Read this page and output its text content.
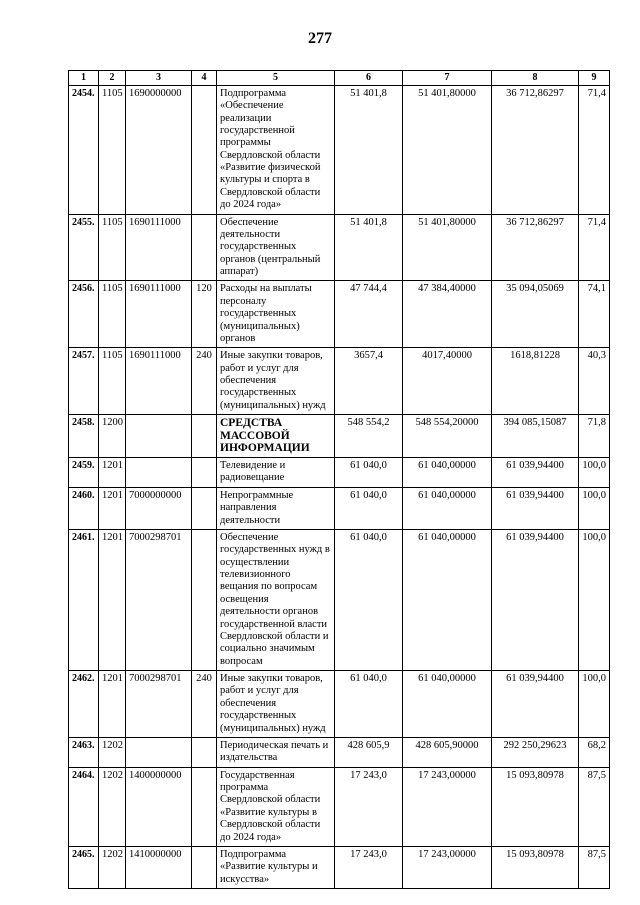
277
1	2	3	4	5	6	7	8	9
2454.	1105	1690000000		Подпрограмма «Обеспечение реализации государственной программы Свердловской области «Развитие физической культуры и спорта в Свердловской области до 2024 года»	51 401,8	51 401,80000	36 712,86297	71,4
2455.	1105	1690111000		Обеспечение деятельности государственных органов (центральный аппарат)	51 401,8	51 401,80000	36 712,86297	71,4
2456.	1105	1690111000	120	Расходы на выплаты персоналу государственных (муниципальных) органов	47 744,4	47 384,40000	35 094,05069	74,1
2457.	1105	1690111000	240	Иные закупки товаров, работ и услуг для обеспечения государственных (муниципальных) нужд	3657,4	4017,40000	1618,81228	40,3
2458.	1200			СРЕДСТВА МАССОВОЙ ИНФОРМАЦИИ	548 554,2	548 554,20000	394 085,15087	71,8
2459.	1201			Телевидение и радиовещание	61 040,0	61 040,00000	61 039,94400	100,0
2460.	1201	7000000000		Непрограммные направления деятельности	61 040,0	61 040,00000	61 039,94400	100,0
2461.	1201	7000298701		Обеспечение государственных нужд в осуществлении телевизионного вещания по вопросам освещения деятельности органов государственной власти Свердловской области и социально значимым вопросам	61 040,0	61 040,00000	61 039,94400	100,0
2462.	1201	7000298701	240	Иные закупки товаров, работ и услуг для обеспечения государственных (муниципальных) нужд	61 040,0	61 040,00000	61 039,94400	100,0
2463.	1202			Периодическая печать и издательства	428 605,9	428 605,90000	292 250,29623	68,2
2464.	1202	1400000000		Государственная программа Свердловской области «Развитие культуры в Свердловской области до 2024 года»	17 243,0	17 243,00000	15 093,80978	87,5
2465.	1202	1410000000		Подпрограмма «Развитие культуры и искусства»	17 243,0	17 243,00000	15 093,80978	87,5
